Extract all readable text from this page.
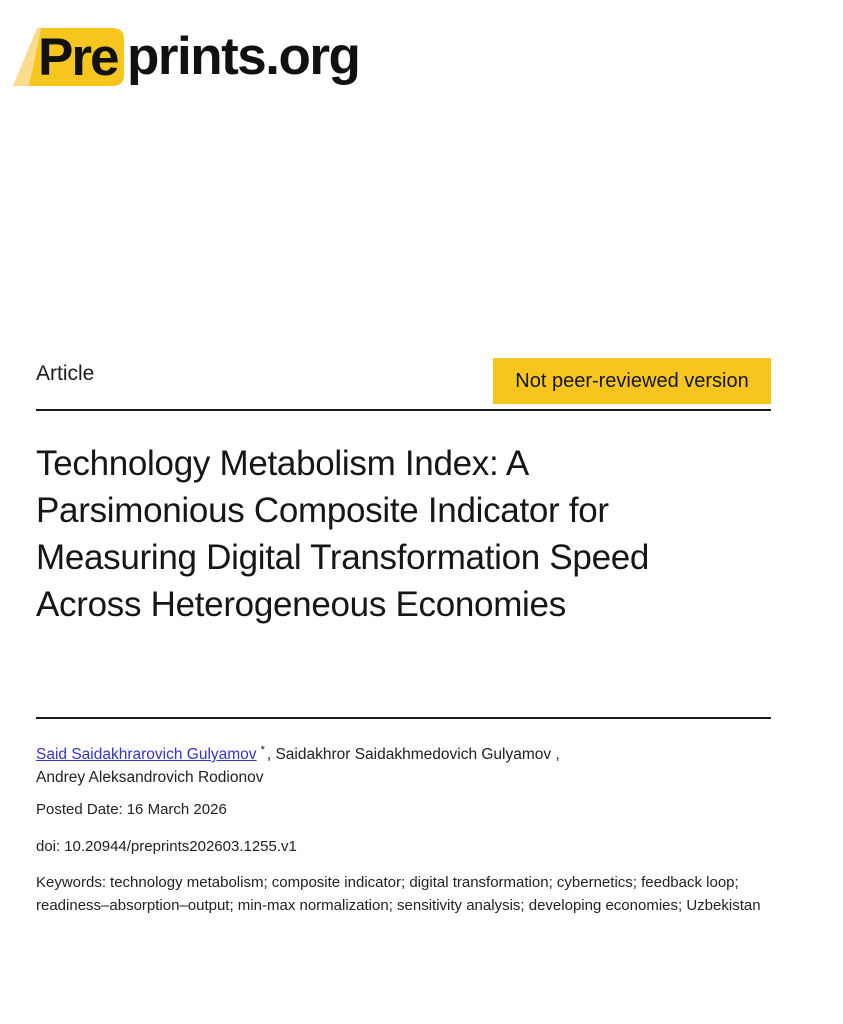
Pre prints.org
Article	Not peer-reviewed version
Technology Metabolism Index: A
Parsimonious Composite Indicator for
Measuring Digital Transformation Speed
Across Heterogeneous Economies
Said Saidakhrarovich Gulyamov * , Saidakhror Saidakhmedovich Gulyamov ,
Andrey Aleksandrovich Rodionov
Posted Date: 16 March 2026
doi: 10.20944/preprints202603.1255.v1
Keywords: technology metabolism; composite indicator; digital transformation; cybernetics; feedback loop; readiness–absorption–output; min-max normalization; sensitivity analysis; developing economies; Uzbekistan
